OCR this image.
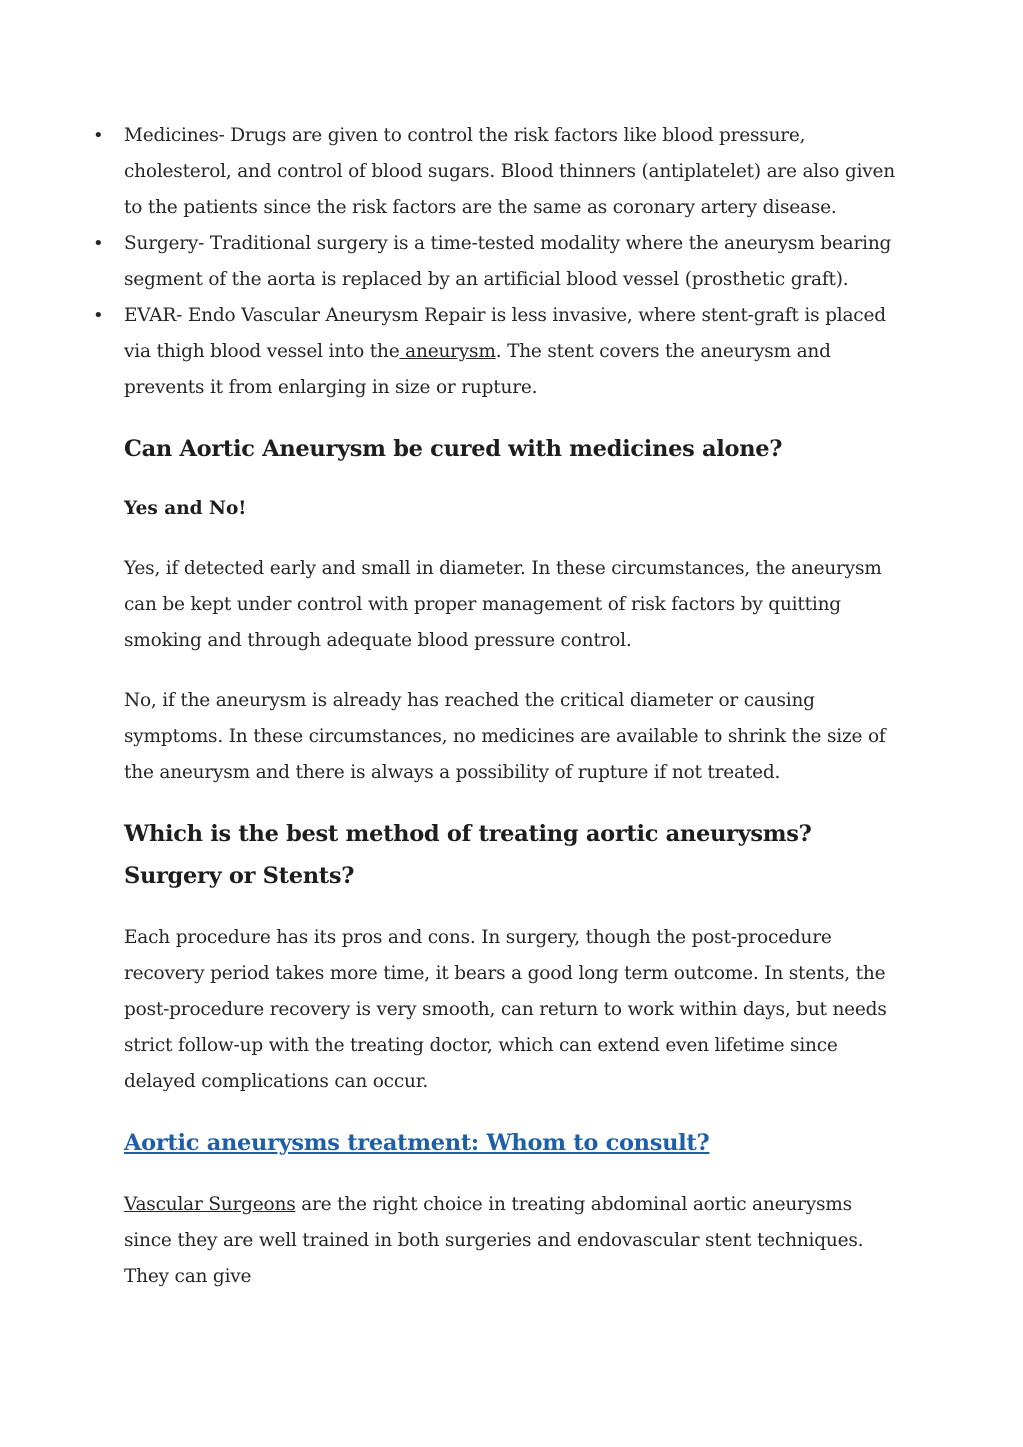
• Medicines- Drugs are given to control the risk factors like blood pressure, cholesterol, and control of blood sugars. Blood thinners (antiplatelet) are also given to the patients since the risk factors are the same as coronary artery disease.

• Surgery- Traditional surgery is a time-tested modality where the aneurysm bearing segment of the aorta is replaced by an artificial blood vessel (prosthetic graft).

• EVAR- Endo Vascular Aneurysm Repair is less invasive, where stent-graft is placed via thigh blood vessel into the aneurysm. The stent covers the aneurysm and prevents it from enlarging in size or rupture.

Can Aortic Aneurysm be cured with medicines alone?
Yes and No!

Yes, if detected early and small in diameter. In these circumstances, the aneurysm can be kept under control with proper management of risk factors by quitting smoking and through adequate blood pressure control.

No, if the aneurysm is already has reached the critical diameter or causing symptoms. In these circumstances, no medicines are available to shrink the size of the aneurysm and there is always a possibility of rupture if not treated.

Which is the best method of treating aortic aneurysms? Surgery or Stents?

Each procedure has its pros and cons. In surgery, though the post-procedure recovery period takes more time, it bears a good long term outcome. In stents, the post-procedure recovery is very smooth, can return to work within days, but needs strict follow-up with the treating doctor, which can extend even lifetime since delayed complications can occur.

Aortic aneurysms treatment: Whom to consult?

Vascular Surgeons are the right choice in treating abdominal aortic aneurysms since they are well trained in both surgeries and endovascular stent techniques. They can give
